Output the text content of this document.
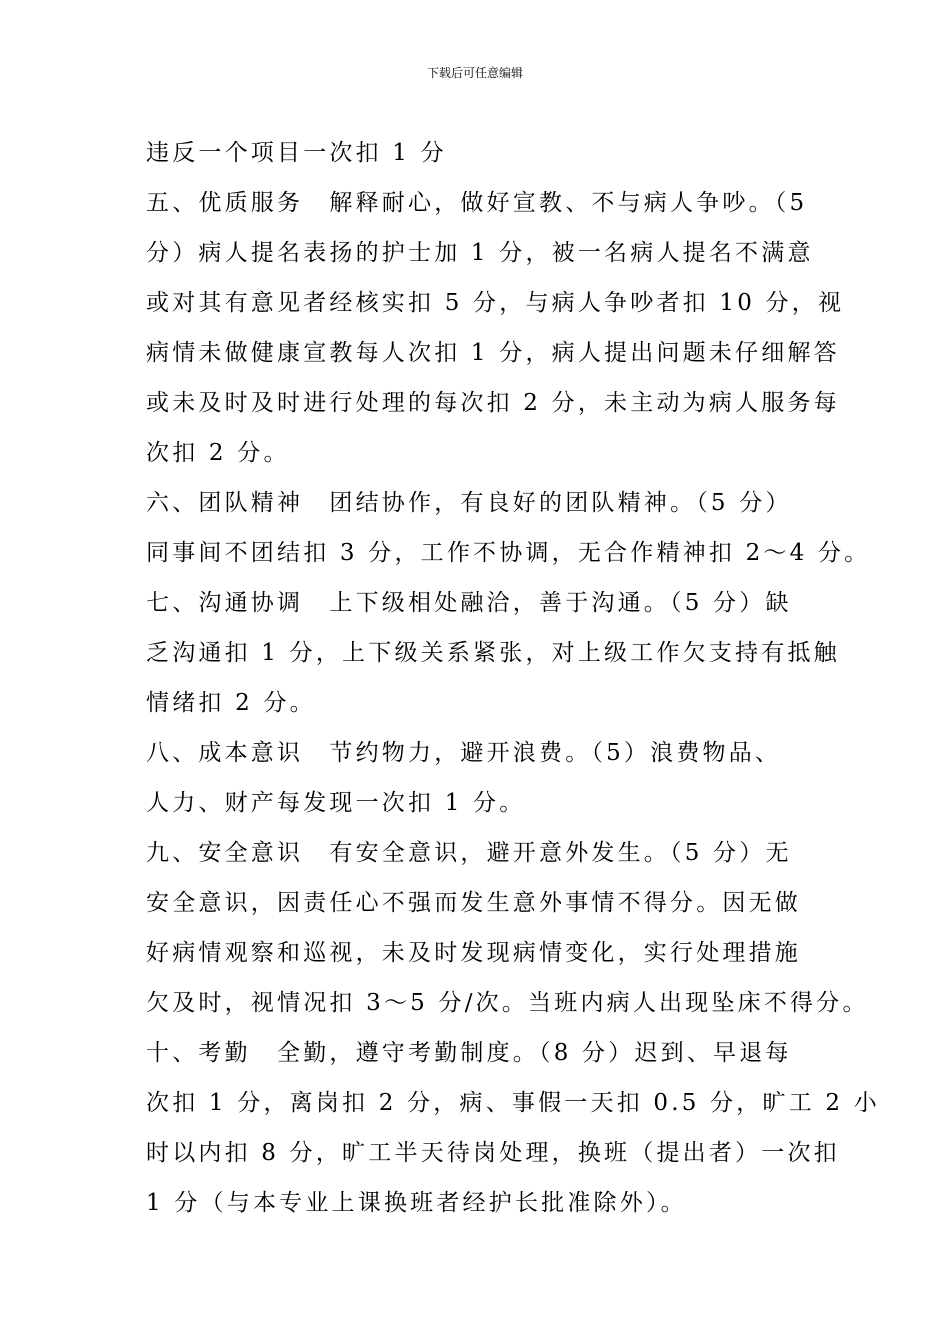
下载后可任意编辑
违反一个项目一次扣 1 分
五、优质服务　解释耐心，做好宣教、不与病人争吵。（5
分）病人提名表扬的护士加 1 分，被一名病人提名不满意
或对其有意见者经核实扣 5 分，与病人争吵者扣 10 分，视
病情未做健康宣教每人次扣 1 分，病人提出问题未仔细解答
或未及时及时进行处理的每次扣 2 分，未主动为病人服务每
次扣 2 分。
六、团队精神　团结协作，有良好的团队精神。（5 分）
同事间不团结扣 3 分，工作不协调，无合作精神扣 2～4 分。
七、沟通协调　上下级相处融洽，善于沟通。（5 分）缺
乏沟通扣 1 分，上下级关系紧张，对上级工作欠支持有抵触
情绪扣 2 分。
八、成本意识　节约物力，避开浪费。（5）浪费物品、
人力、财产每发现一次扣 1 分。
九、安全意识　有安全意识，避开意外发生。（5 分）无
安全意识，因责任心不强而发生意外事情不得分。因无做
好病情观察和巡视，未及时发现病情变化，实行处理措施
欠及时，视情况扣 3～5 分/次。当班内病人出现坠床不得分。
十、考勤　全勤，遵守考勤制度。（8 分）迟到、早退每
次扣 1 分，离岗扣 2 分，病、事假一天扣 0.5 分，旷工 2 小
时以内扣 8 分，旷工半天待岗处理，换班（提出者）一次扣
1 分（与本专业上课换班者经护长批准除外）。
